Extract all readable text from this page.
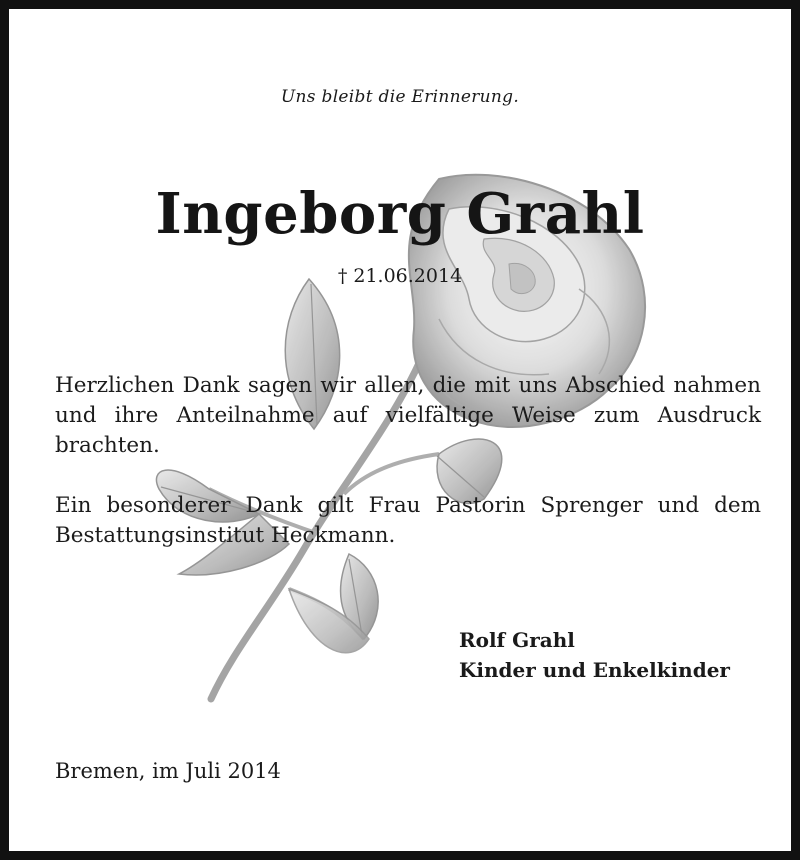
Uns bleibt die Erinnerung.
Ingeborg Grahl
† 21.06.2014
Herzlichen Dank sagen wir allen, die mit uns Abschied nahmen und ihre Anteilnahme auf vielfältige Weise zum Ausdruck brachten.
Ein besonderer Dank gilt Frau Pastorin Sprenger und dem Bestattungsinstitut Heckmann.
Rolf Grahl
Kinder und Enkelkinder
Bremen, im Juli 2014
